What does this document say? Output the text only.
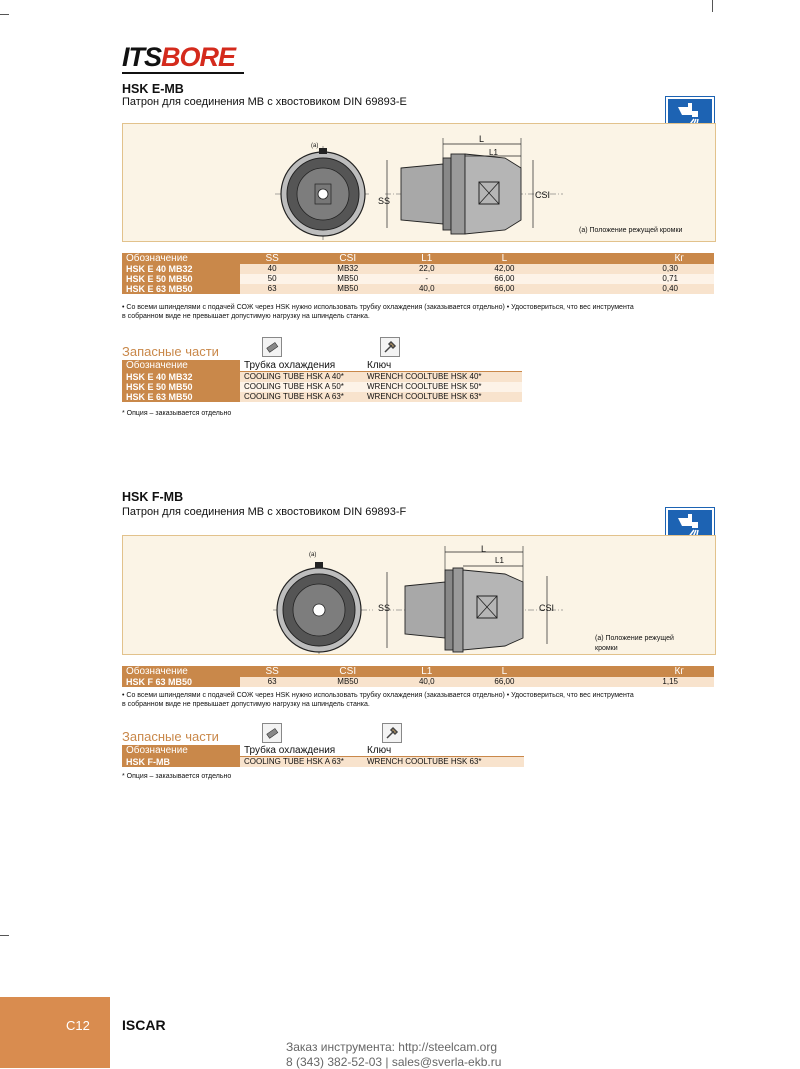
ITSBORE
HSK E-MB
Патрон для соединения MB с хвостовиком DIN 69893-E
(a)
L
L1
SS
CSI
(a) Положение режущей кромки
Обозначение	SS	CSI	L1	L	Кг
HSK E 40 MB32	40	MB32	22,0	42,00	0,30
HSK E 50 MB50	50	MB50	-	66,00	0,71
HSK E 63 MB50	63	MB50	40,0	66,00	0,40
• Со всеми шпинделями с подачей СОЖ через HSK нужно использовать трубку охлаждения (заказывается отдельно) • Удостовериться, что вес инструмента
в собранном виде не превышает допустимую нагрузку на шпиндель станка.
Запасные части
Обозначение	Трубка охлаждения	Ключ
HSK E 40 MB32	COOLING TUBE HSK A 40*	WRENCH COOLTUBE HSK 40*
HSK E 50 MB50	COOLING TUBE HSK A 50*	WRENCH COOLTUBE HSK 50*
HSK E 63 MB50	COOLING TUBE HSK A 63*	WRENCH COOLTUBE HSK 63*
* Опция – заказывается отдельно
HSK F-MB
Патрон для соединения MB с хвостовиком DIN 69893-F
(a)
L
L1
SS	CSI
(a) Положение режущей
кромки
Обозначение	SS	CSI	L1	L	Кг
HSK F 63 MB50	63	MB50	40,0	66,00	1,15
• Со всеми шпинделями с подачей СОЖ через HSK нужно использовать трубку охлаждения (заказывается отдельно) • Удостовериться, что вес инструмента
в собранном виде не превышает допустимую нагрузку на шпиндель станка.
Запасные части
Обозначение	Трубка охлаждения	Ключ
HSK F-MB	COOLING TUBE HSK A 63*	WRENCH COOLTUBE HSK 63*
* Опция – заказывается отдельно
C12 ISCAR
Заказ инструмента: http://steelcam.org
8 (343) 382-52-03 | sales@sverla-ekb.ru
